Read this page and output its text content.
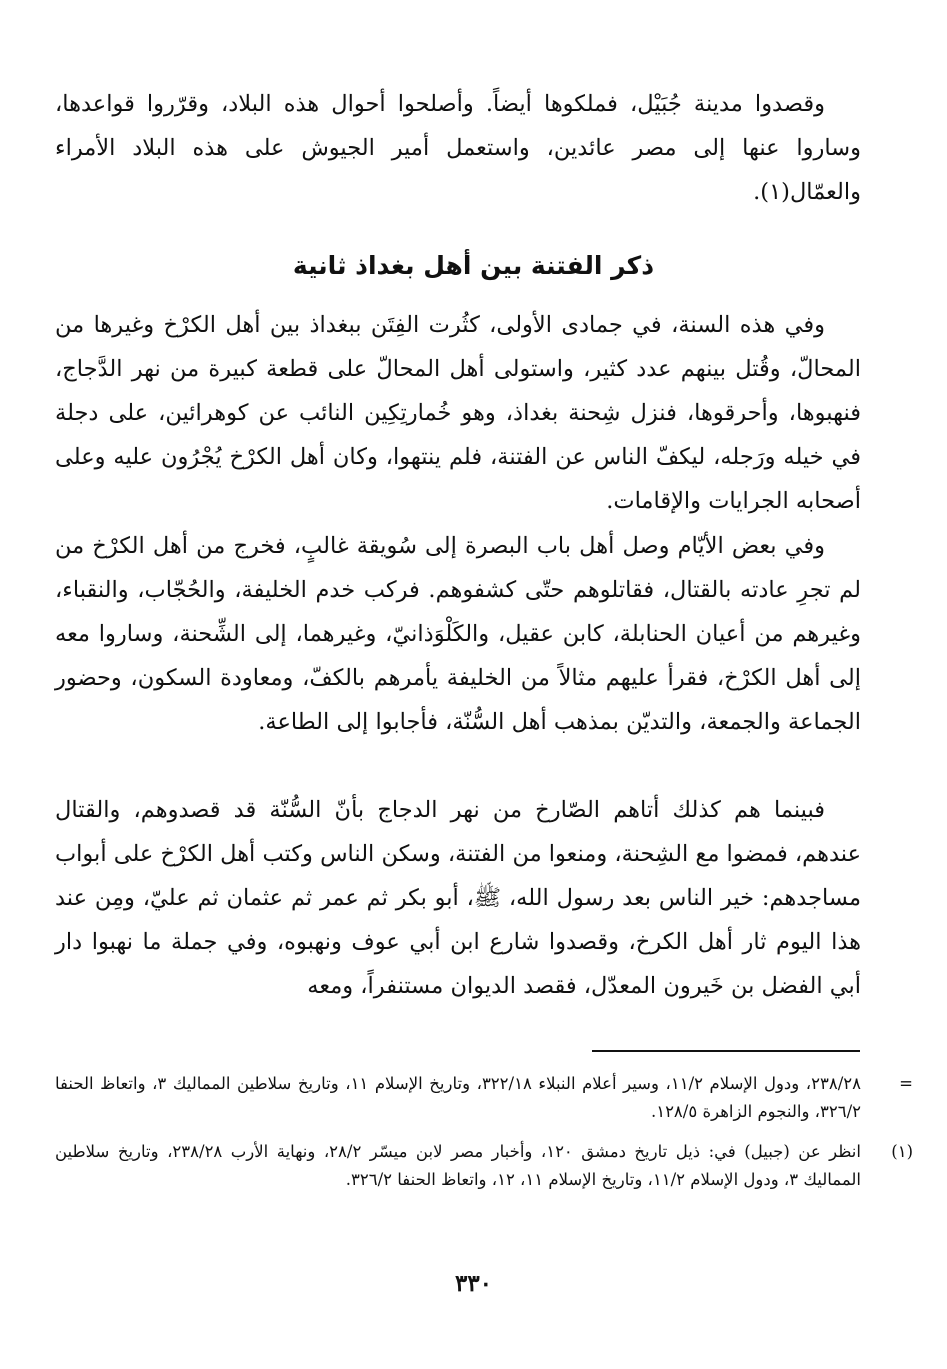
وقصدوا مدينة جُبَيْل، فملكوها أيضاً. وأصلحوا أحوال هذه البلاد، وقرّروا قواعدها، وساروا عنها إلى مصر عائدين، واستعمل أمير الجيوش على هذه البلاد الأمراء والعمّال(١).

ذكر الفتنة بين أهل بغداذ ثانية

وفي هذه السنة، في جمادى الأولى، كثُرت الفِتَن ببغداذ بين أهل الكرْخ وغيرها من المحالّ، وقُتل بينهم عدد كثير، واستولى أهل المحالّ على قطعة كبيرة من نهر الدَّجاج، فنهبوها، وأحرقوها، فنزل شِحنة بغداذ، وهو خُمارتِكِين النائب عن كوهرائين، على دجلة في خيله ورَجله، ليكفّ الناس عن الفتنة، فلم ينتهوا، وكان أهل الكرْخ يُجْرُون عليه وعلى أصحابه الجرايات والإقامات.

وفي بعض الأيّام وصل أهل باب البصرة إلى سُويقة غالبٍ، فخرج من أهل الكرْخ من لم تجرِ عادته بالقتال، فقاتلوهم حتّى كشفوهم. فركب خدم الخليفة، والحُجّاب، والنقباء، وغيرهم من أعيان الحنابلة، كابن عقيل، والكَلْوَذانيّ، وغيرهما، إلى الشِّحنة، وساروا معه إلى أهل الكرْخ، فقرأ عليهم مثالاً من الخليفة يأمرهم بالكفّ، ومعاودة السكون، وحضور الجماعة والجمعة، والتديّن بمذهب أهل السُّنّة، فأجابوا إلى الطاعة.

فبينما هم كذلك أتاهم الصّارخ من نهر الدجاج بأنّ السُّنّة قد قصدوهم، والقتال عندهم، فمضوا مع الشِحنة، ومنعوا من الفتنة، وسكن الناس وكتب أهل الكرْخ على أبواب مساجدهم: خير الناس بعد رسول الله، ﷺ، أبو بكر ثم عمر ثم عثمان ثم عليّ، ومِن عند هذا اليوم ثار أهل الكرخ، وقصدوا شارع ابن أبي عوف ونهبوه، وفي جملة ما نهبوا دار أبي الفضل بن خَيرون المعدّل، فقصد الديوان مستنفراً، ومعه

=
٢٣٨/٢٨، ودول الإسلام ١١/٢، وسير أعلام النبلاء ٣٢٢/١٨، وتاريخ الإسلام ١١، وتاريخ سلاطين المماليك ٣، واتعاظ الحنفا ٣٢٦/٢، والنجوم الزاهرة ١٢٨/٥.
(١)
انظر عن (جبيل) في: ذيل تاريخ دمشق ١٢٠، وأخبار مصر لابن ميسّر ٢٨/٢، ونهاية الأرب ٢٣٨/٢٨، وتاريخ سلاطين المماليك ٣، ودول الإسلام ١١/٢، وتاريخ الإسلام ١١، ١٢، واتعاظ الحنفا ٣٢٦/٢.
٣٣٠
